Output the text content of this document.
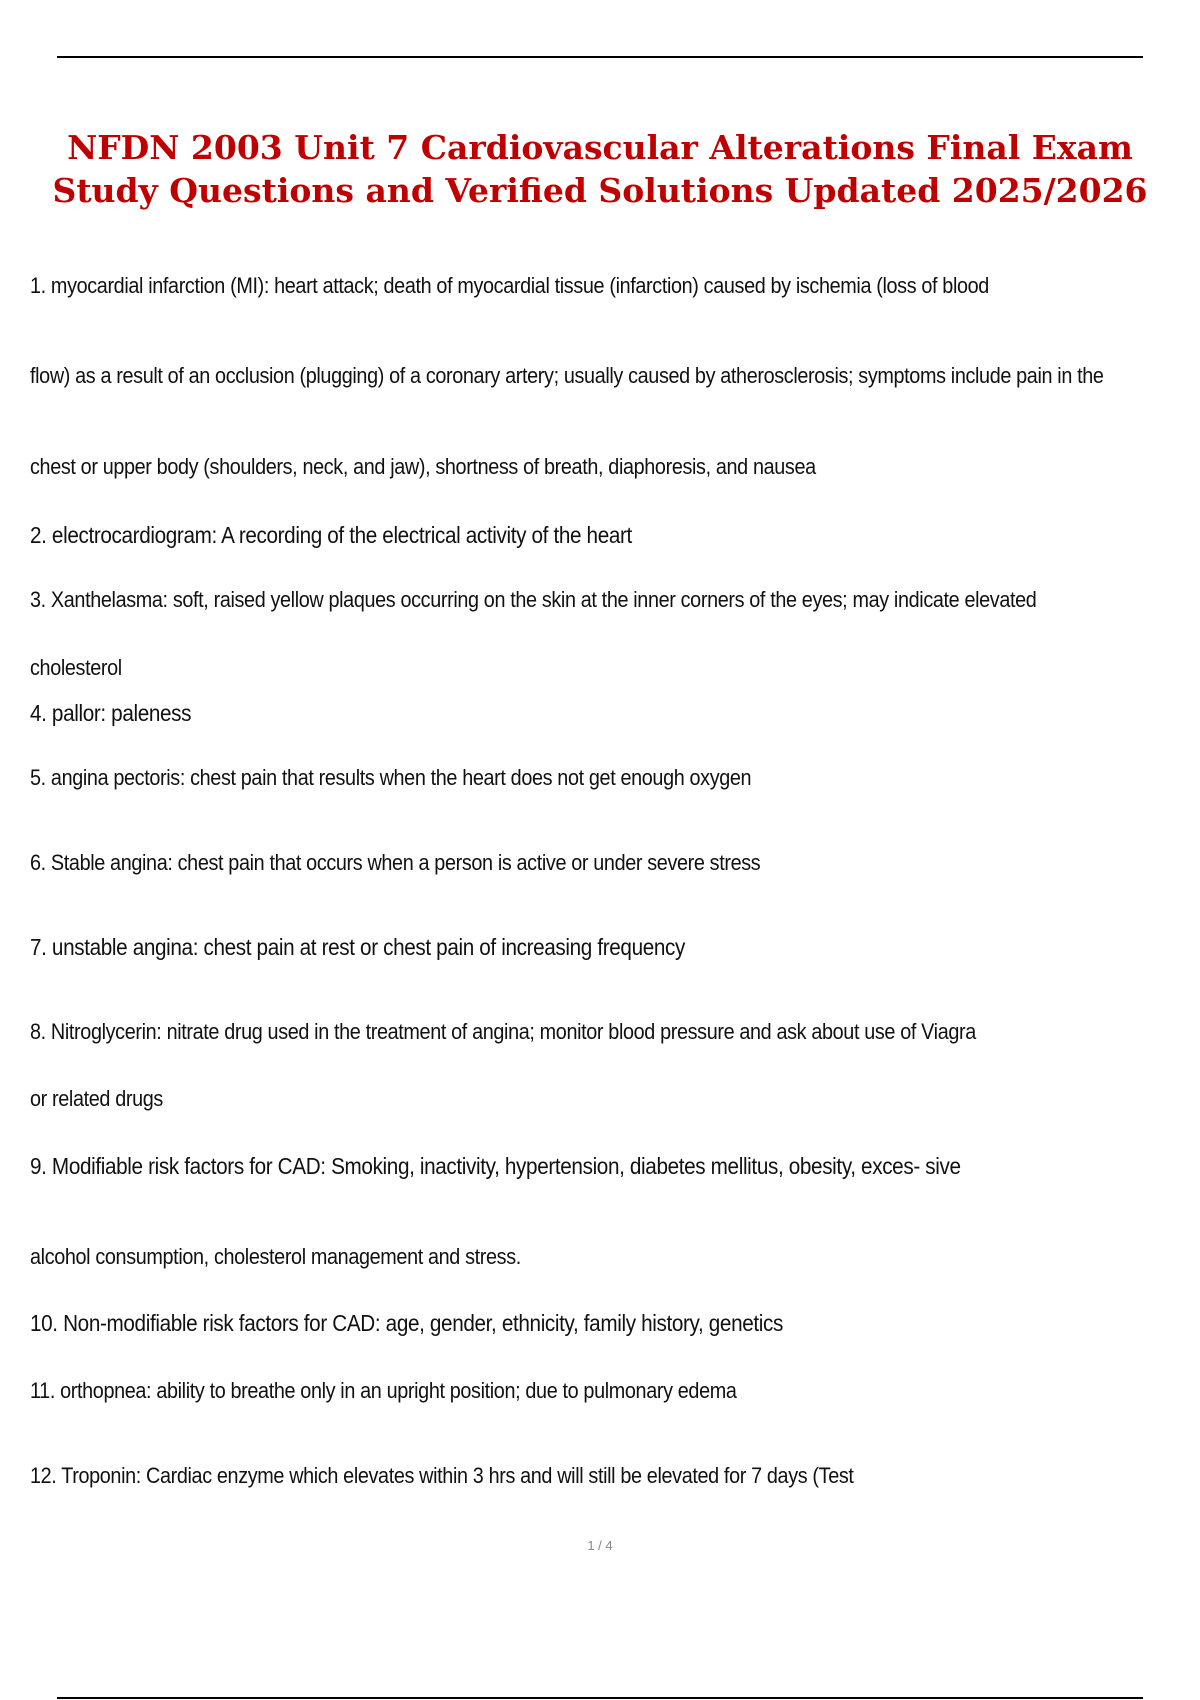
NFDN 2003 Unit 7 Cardiovascular Alterations Final Exam Study Questions and Verified Solutions Updated 2025/2026
1. myocardial infarction (MI): heart attack; death of myocardial tissue (infarction) caused by ischemia (loss of blood
flow) as a result of an occlusion (plugging) of a coronary artery; usually caused by atherosclerosis; symptoms include pain in the
chest or upper body (shoulders, neck, and jaw), shortness of breath, diaphoresis, and nausea
2. electrocardiogram: A recording of the electrical activity of the heart
3. Xanthelasma: soft, raised yellow plaques occurring on the skin at the inner corners of the eyes; may indicate elevated
cholesterol
4. pallor: paleness
5. angina pectoris: chest pain that results when the heart does not get enough oxygen
6. Stable angina: chest pain that occurs when a person is active or under severe stress
7. unstable angina: chest pain at rest or chest pain of increasing frequency
8. Nitroglycerin: nitrate drug used in the treatment of angina; monitor blood pressure and ask about use of Viagra
or related drugs
9. Modifiable risk factors for CAD: Smoking, inactivity, hypertension, diabetes mellitus, obesity, exces- sive
alcohol consumption, cholesterol management and stress.
10. Non-modifiable risk factors for CAD: age, gender, ethnicity, family history, genetics
11. orthopnea: ability to breathe only in an upright position; due to pulmonary edema
12. Troponin: Cardiac enzyme which elevates within 3 hrs and will still be elevated for 7 days (Test
1 / 4
